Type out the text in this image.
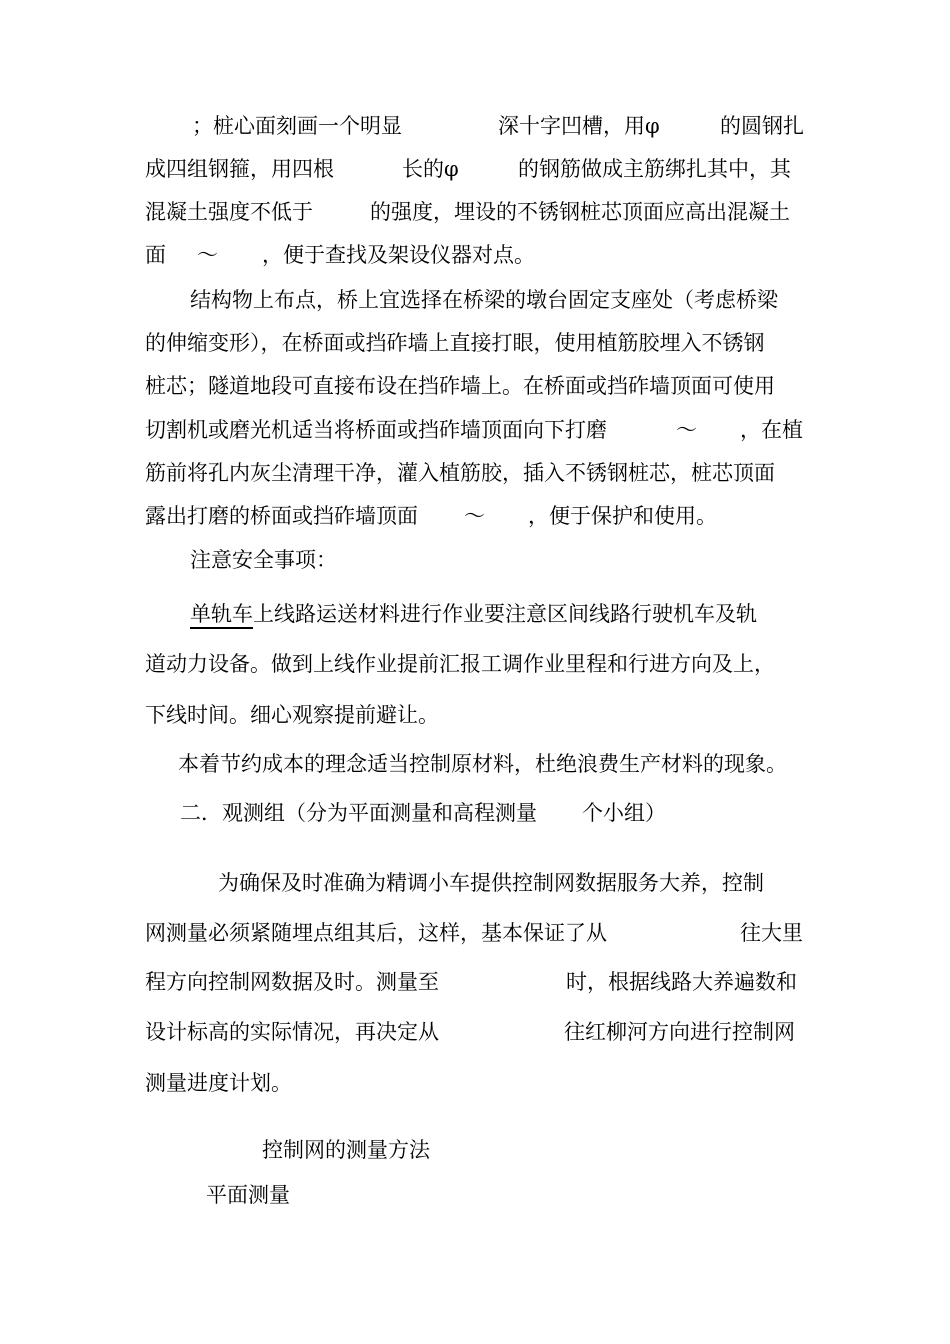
；桩心面刻画一个明显	深十字凹槽，用φ	的圆钢扎
成四组钢箍，用四根	长的φ	的钢筋做成主筋绑扎其中，其
混凝土强度不低于	的强度，埋设的不锈钢桩芯顶面应高出混凝土
面 ～ ，便于查找及架设仪器对点。
结构物上布点，桥上宜选择在桥梁的墩台固定支座处（考虑桥梁
的伸缩变形），在桥面或挡砟墙上直接打眼，使用植筋胶埋入不锈钢
桩芯；隧道地段可直接布设在挡砟墙上。在桥面或挡砟墙顶面可使用
切割机或磨光机适当将桥面或挡砟墙顶面向下打磨	～ ，在植
筋前将孔内灰尘清理干净，灌入植筋胶，插入不锈钢桩芯，桩芯顶面
露出打磨的桥面或挡砟墙顶面 ～ ，便于保护和使用。
注意安全事项：
单轨车上线路运送材料进行作业要注意区间线路行驶机车及轨
道动力设备。做到上线作业提前汇报工调作业里程和行进方向及上，
下线时间。细心观察提前避让。
本着节约成本的理念适当控制原材料，杜绝浪费生产材料的现象。
二．观测组（分为平面测量和高程测量 个小组）
为确保及时准确为精调小车提供控制网数据服务大养，控制
网测量必须紧随埋点组其后，这样，基本保证了从	往大里
程方向控制网数据及时。测量至	时，根据线路大养遍数和
设计标高的实际情况，再决定从	往红柳河方向进行控制网
测量进度计划。
控制网的测量方法
平面测量
